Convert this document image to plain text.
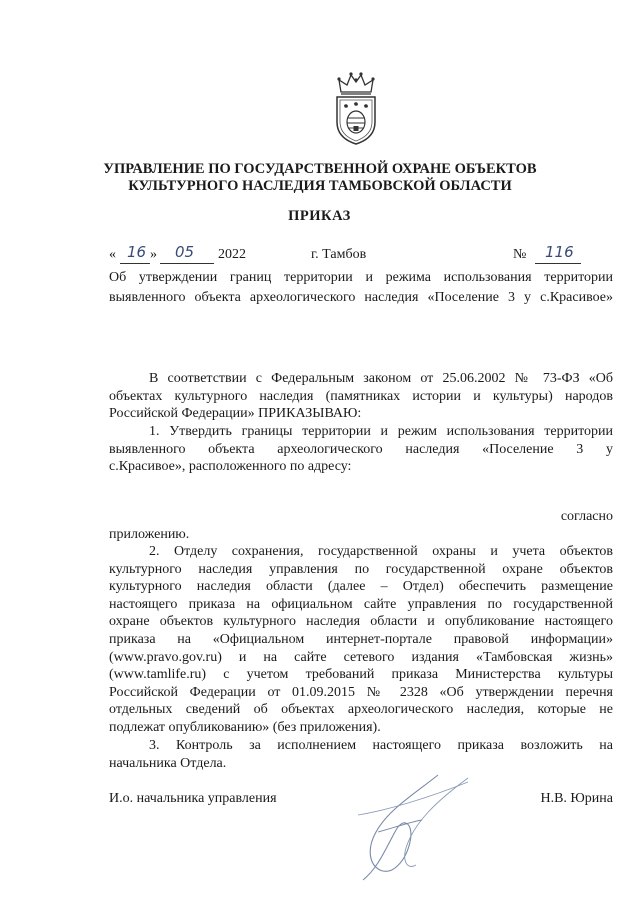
УПРАВЛЕНИЕ ПО ГОСУДАРСТВЕННОЙ ОХРАНЕ ОБЪЕКТОВ
КУЛЬТУРНОГО НАСЛЕДИЯ ТАМБОВСКОЙ ОБЛАСТИ
ПРИКАЗ
« 16 » 05 2022	г. Тамбов	№ 116
Об утверждении границ территории и режима использования территории
выявленного объекта археологического наследия «Поселение 3 у с.Красивое»
В соответствии с Федеральным законом от 25.06.2002 № 73-ФЗ «Об
объектах культурного наследия (памятниках истории и культуры) народов
Российской Федерации» ПРИКАЗЫВАЮ:
1. Утвердить границы территории и режим использования территории
выявленного объекта археологического наследия «Поселение 3 у
с.Красивое», расположенного по адресу:
согласно
приложению.
2. Отделу сохранения, государственной охраны и учета объектов
культурного наследия управления по государственной охране объектов
культурного наследия области (далее – Отдел) обеспечить размещение
настоящего приказа на официальном сайте управления по государственной
охране объектов культурного наследия области и опубликование настоящего
приказа на «Официальном интернет-портале правовой информации»
(www.pravo.gov.ru) и на сайте сетевого издания «Тамбовская жизнь»
(www.tamlife.ru) с учетом требований приказа Министерства культуры
Российской Федерации от 01.09.2015 № 2328 «Об утверждении перечня
отдельных сведений об объектах археологического наследия, которые не
подлежат опубликованию» (без приложения).
3. Контроль за исполнением настоящего приказа возложить на
начальника Отдела.
И.о. начальника управления	Н.В. Юрина
